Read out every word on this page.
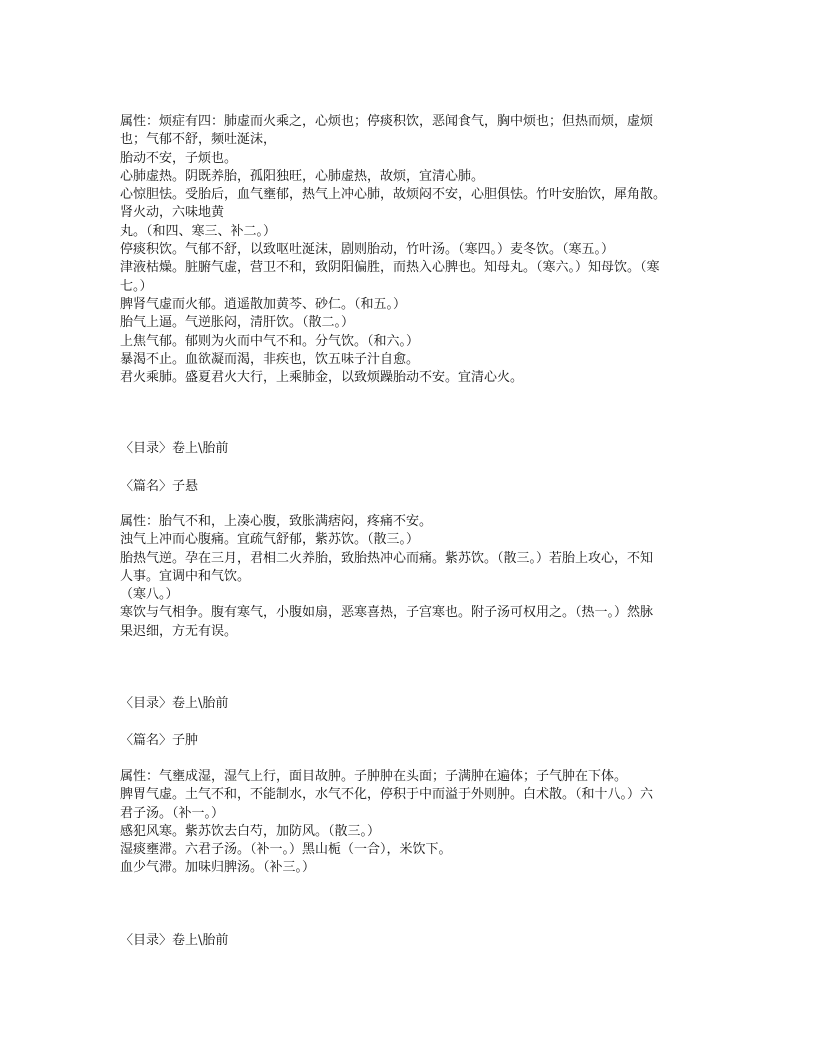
属性：烦症有四：肺虚而火乘之，心烦也；停痰积饮，恶闻食气，胸中烦也；但热而烦，虚烦
也；气郁不舒，频吐涎沫，
胎动不安，子烦也。
心肺虚热。阴既养胎，孤阳独旺，心肺虚热，故烦，宜清心肺。
心惊胆怯。受胎后，血气壅郁，热气上冲心肺，故烦闷不安，心胆俱怯。竹叶安胎饮，犀角散。
肾火动，六味地黄
丸。（和四、寒三、补二。）
停痰积饮。气郁不舒，以致呕吐涎沫，剧则胎动，竹叶汤。（寒四。）麦冬饮。（寒五。）
津液枯燥。脏腑气虚，营卫不和，致阴阳偏胜，而热入心脾也。知母丸。（寒六。）知母饮。（寒
七。）
脾肾气虚而火郁。逍遥散加黄芩、砂仁。（和五。）
胎气上逼。气逆胀闷，清肝饮。（散二。）
上焦气郁。郁则为火而中气不和。分气饮。（和六。）
暴渴不止。血欲凝而渴，非疾也，饮五味子汁自愈。
君火乘肺。盛夏君火大行，上乘肺金，以致烦躁胎动不安。宜清心火。
〈目录〉卷上\胎前
〈篇名〉子悬
属性：胎气不和，上凑心腹，致胀满痞闷，疼痛不安。
浊气上冲而心腹痛。宜疏气舒郁，紫苏饮。（散三。）
胎热气逆。孕在三月，君相二火养胎，致胎热冲心而痛。紫苏饮。（散三。）若胎上攻心，不知
人事。宜调中和气饮。
（寒八。）
寒饮与气相争。腹有寒气，小腹如扇，恶寒喜热，子宫寒也。附子汤可权用之。（热一。）然脉
果迟细，方无有误。
〈目录〉卷上\胎前
〈篇名〉子肿
属性：气壅成湿，湿气上行，面目故肿。子肿肿在头面；子满肿在遍体；子气肿在下体。
脾胃气虚。土气不和，不能制水，水气不化，停积于中而溢于外则肿。白术散。（和十八。）六
君子汤。（补一。）
感犯风寒。紫苏饮去白芍，加防风。（散三。）
湿痰壅滞。六君子汤。（补一。）黑山栀（一合），米饮下。
血少气滞。加味归脾汤。（补三。）
〈目录〉卷上\胎前
